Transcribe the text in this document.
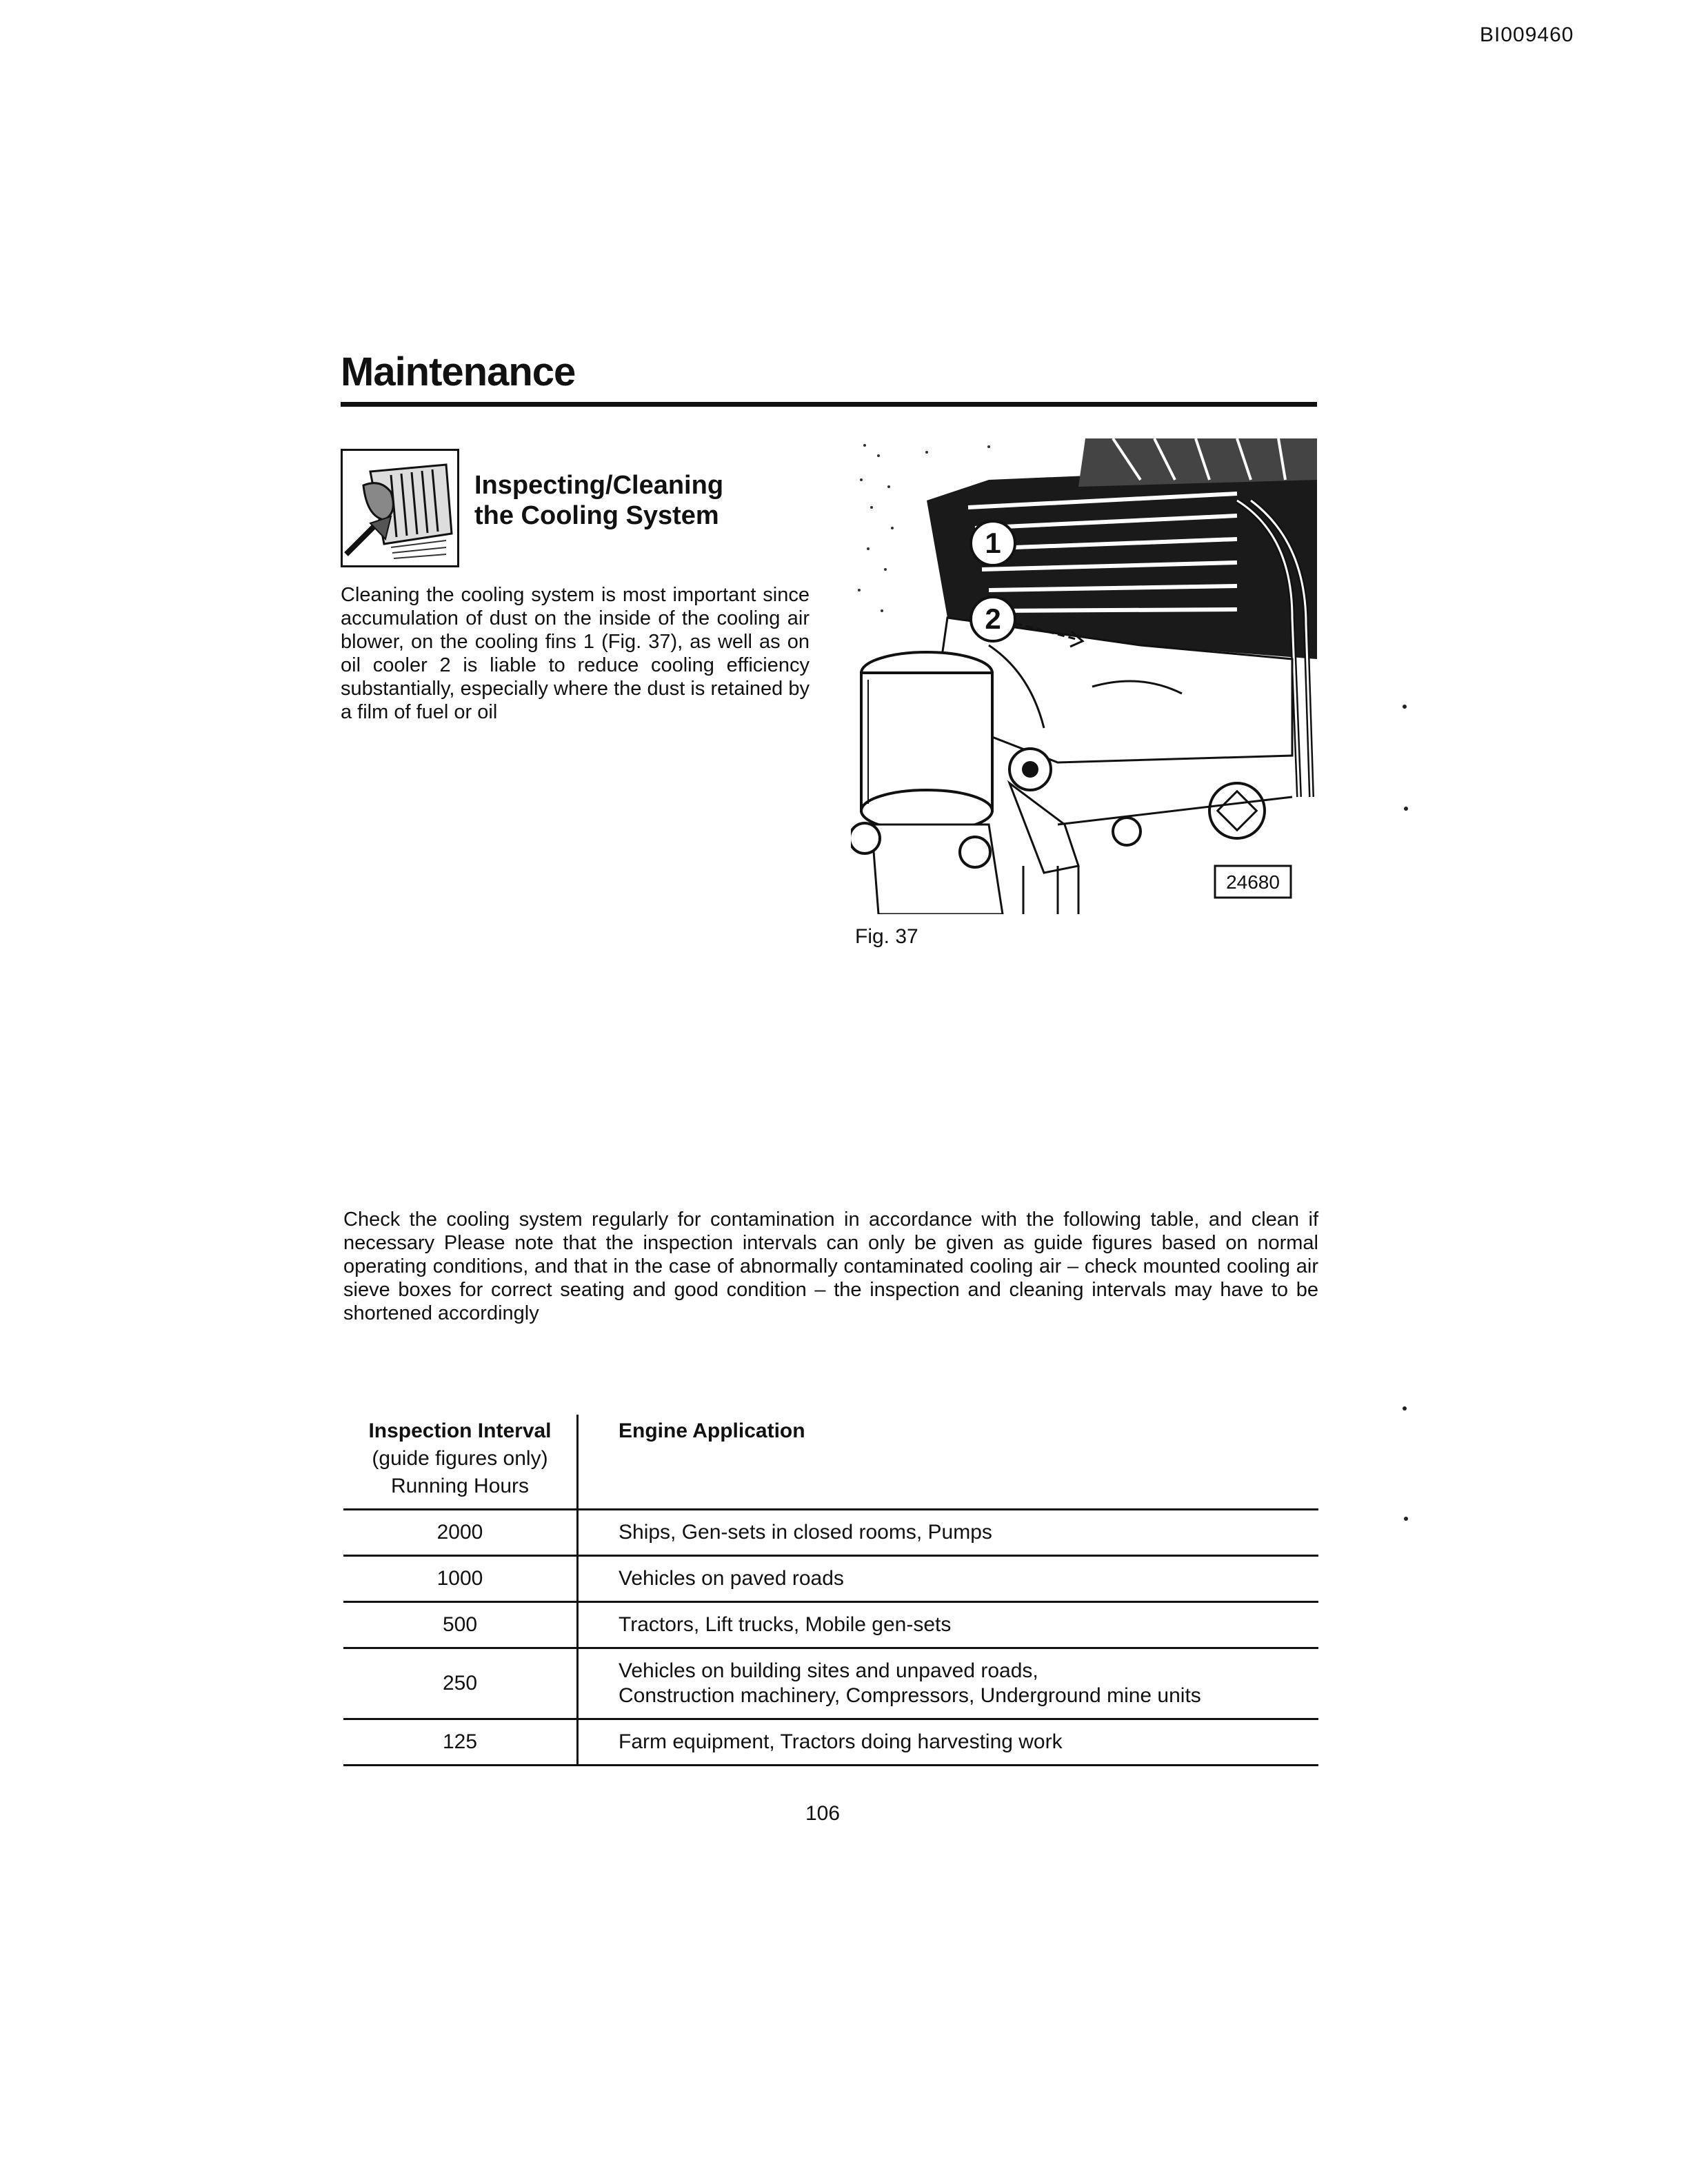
BI009460
Maintenance
Inspecting/Cleaning
the Cooling System

Cleaning the cooling system is most important since accumulation of dust on the inside of the cooling air blower, on the cooling fins 1 (Fig. 37), as well as on oil cooler 2 is liable to reduce cooling efficiency substantially, especially where the dust is retained by a film of fuel or oil

1
2
24680
Fig. 37

Check the cooling system regularly for contamination in accordance with the following table, and clean if necessary Please note that the inspection intervals can only be given as guide figures based on normal operating conditions, and that in the case of abnormally contaminated cooling air – check mounted cooling air sieve boxes for correct seating and good condition – the inspection and cleaning intervals may have to be shortened accordingly

Inspection Interval
(guide figures only)
Running Hours	Engine Application
2000	Ships, Gen-sets in closed rooms, Pumps
1000	Vehicles on paved roads
500	Tractors, Lift trucks, Mobile gen-sets
250	Vehicles on building sites and unpaved roads,
Construction machinery, Compressors, Underground mine units
125	Farm equipment, Tractors doing harvesting work
106
